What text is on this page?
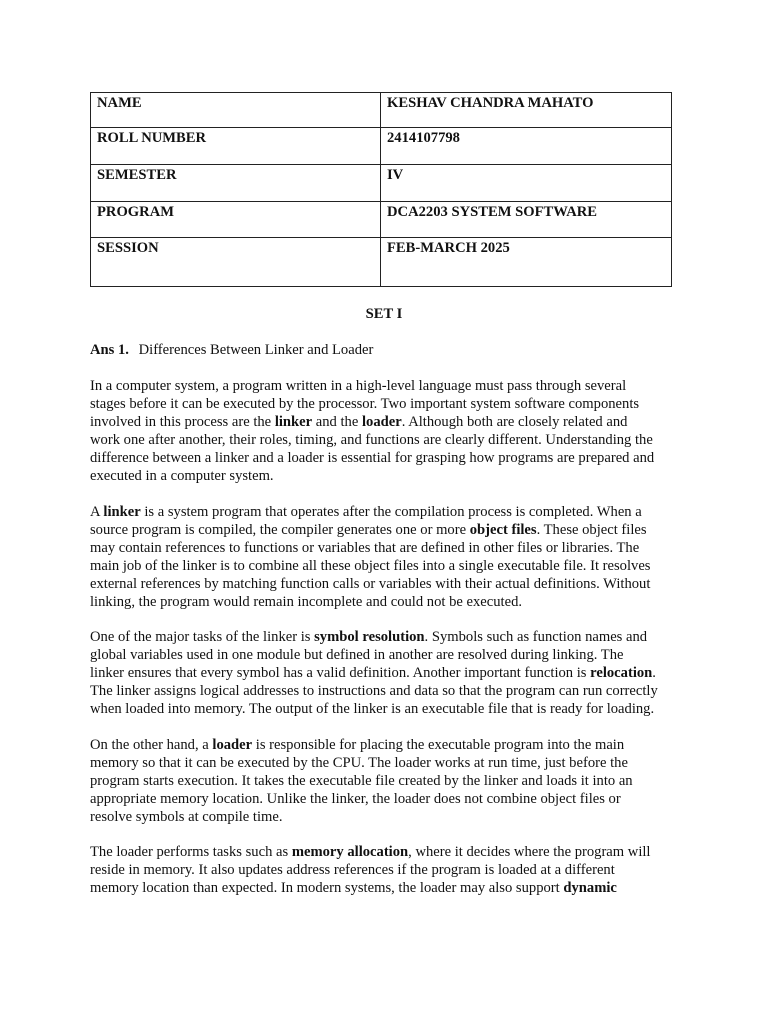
NAME	KESHAV CHANDRA MAHATO
ROLL NUMBER	2414107798
SEMESTER	IV
PROGRAM	DCA2203 SYSTEM SOFTWARE
SESSION	FEB-MARCH 2025
SET I
Ans 1. Differences Between Linker and Loader

In a computer system, a program written in a high-level language must pass through several
stages before it can be executed by the processor. Two important system software components
involved in this process are the linker and the loader. Although both are closely related and
work one after another, their roles, timing, and functions are clearly different. Understanding the
difference between a linker and a loader is essential for grasping how programs are prepared and
executed in a computer system.

A linker is a system program that operates after the compilation process is completed. When a
source program is compiled, the compiler generates one or more object files. These object files
may contain references to functions or variables that are defined in other files or libraries. The
main job of the linker is to combine all these object files into a single executable file. It resolves
external references by matching function calls or variables with their actual definitions. Without
linking, the program would remain incomplete and could not be executed.

One of the major tasks of the linker is symbol resolution. Symbols such as function names and
global variables used in one module but defined in another are resolved during linking. The
linker ensures that every symbol has a valid definition. Another important function is relocation.
The linker assigns logical addresses to instructions and data so that the program can run correctly
when loaded into memory. The output of the linker is an executable file that is ready for loading.

On the other hand, a loader is responsible for placing the executable program into the main
memory so that it can be executed by the CPU. The loader works at run time, just before the
program starts execution. It takes the executable file created by the linker and loads it into an
appropriate memory location. Unlike the linker, the loader does not combine object files or
resolve symbols at compile time.

The loader performs tasks such as memory allocation, where it decides where the program will
reside in memory. It also updates address references if the program is loaded at a different
memory location than expected. In modern systems, the loader may also support dynamic
